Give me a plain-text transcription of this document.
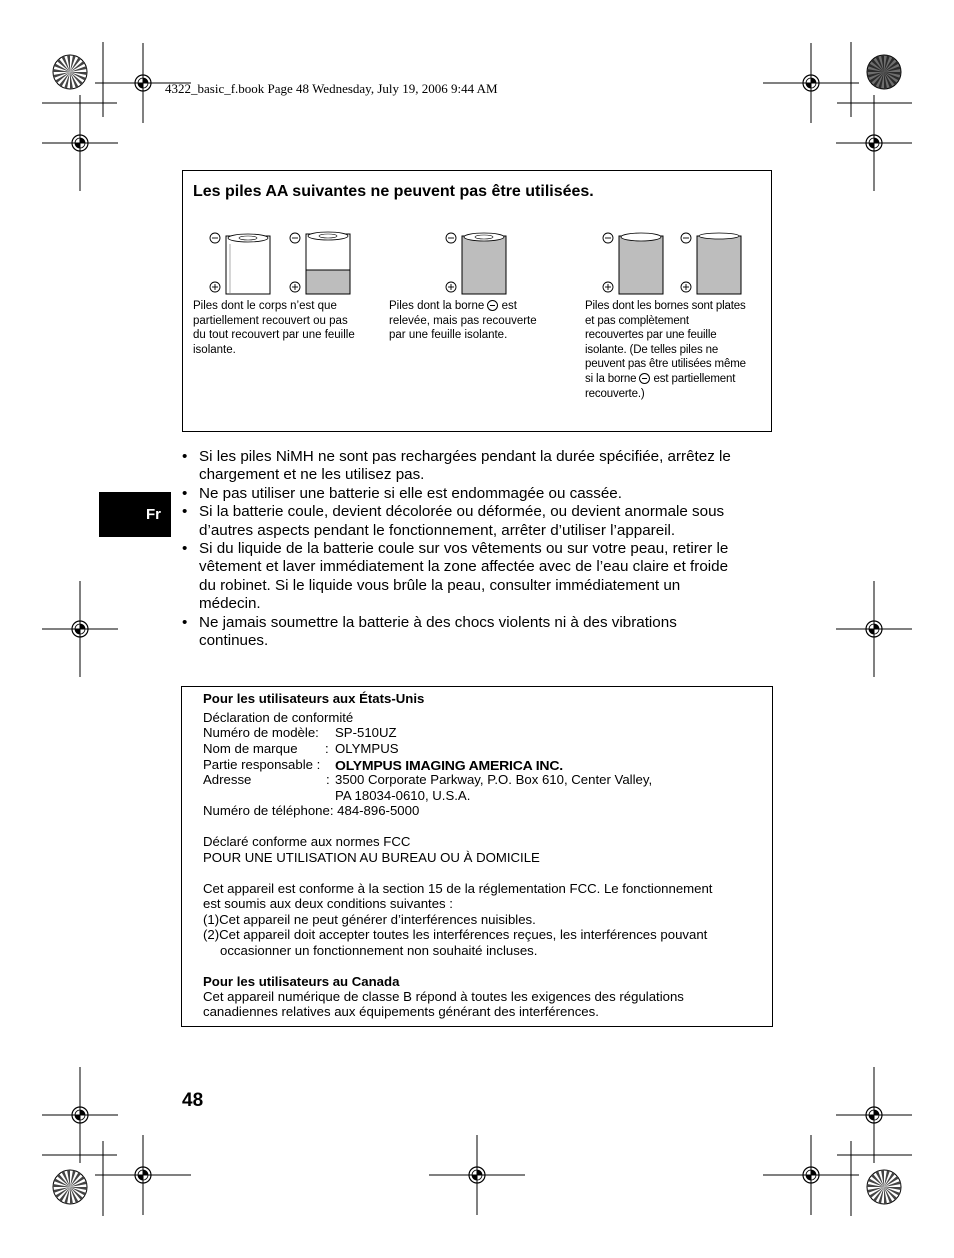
4322_basic_f.book Page 48 Wednesday, July 19, 2006 9:44 AM
Les piles AA suivantes ne peuvent pas être utilisées.
Piles dont le corps n’est que
partiellement recouvert ou pas
du tout recouvert par une feuille
isolante.
Piles dont la borne  est
relevée, mais pas recouverte
par une feuille isolante.
Piles dont les bornes sont plates
et pas complètement
recouvertes par une feuille
isolante. (De telles piles ne
peuvent pas être utilisées même
si la borne  est partiellement
recouverte.)
Fr
• Si les piles NiMH ne sont pas rechargées pendant la durée spécifiée, arrêtez le
chargement et ne les utilisez pas.
• Ne pas utiliser une batterie si elle est endommagée ou cassée.
• Si la batterie coule, devient décolorée ou déformée, ou devient anormale sous
d’autres aspects pendant le fonctionnement, arrêter d’utiliser l’appareil.
• Si du liquide de la batterie coule sur vos vêtements ou sur votre peau, retirer le
vêtement et laver immédiatement la zone affectée avec de l’eau claire et froide
du robinet. Si le liquide vous brûle la peau, consulter immédiatement un
médecin.
• Ne jamais soumettre la batterie à des chocs violents ni à des vibrations
continues.
Pour les utilisateurs aux États-Unis
Déclaration de conformité
Numéro de modèle: SP-510UZ
Nom de marque : OLYMPUS
Partie responsable : OLYMPUS IMAGING AMERICA INC.
Adresse	: 3500 Corporate Parkway, P.O. Box 610, Center Valley,
PA 18034-0610, U.S.A.
Numéro de téléphone: 484-896-5000
Déclaré conforme aux normes FCC
POUR UNE UTILISATION AU BUREAU OU À DOMICILE
Cet appareil est conforme à la section 15 de la réglementation FCC. Le fonctionnement
est soumis aux deux conditions suivantes :
(1)Cet appareil ne peut générer d’interférences nuisibles.
(2)Cet appareil doit accepter toutes les interférences reçues, les interférences pouvant
occasionner un fonctionnement non souhaité incluses.
Pour les utilisateurs au Canada
Cet appareil numérique de classe B répond à toutes les exigences des régulations
canadiennes relatives aux équipements générant des interférences.
48
